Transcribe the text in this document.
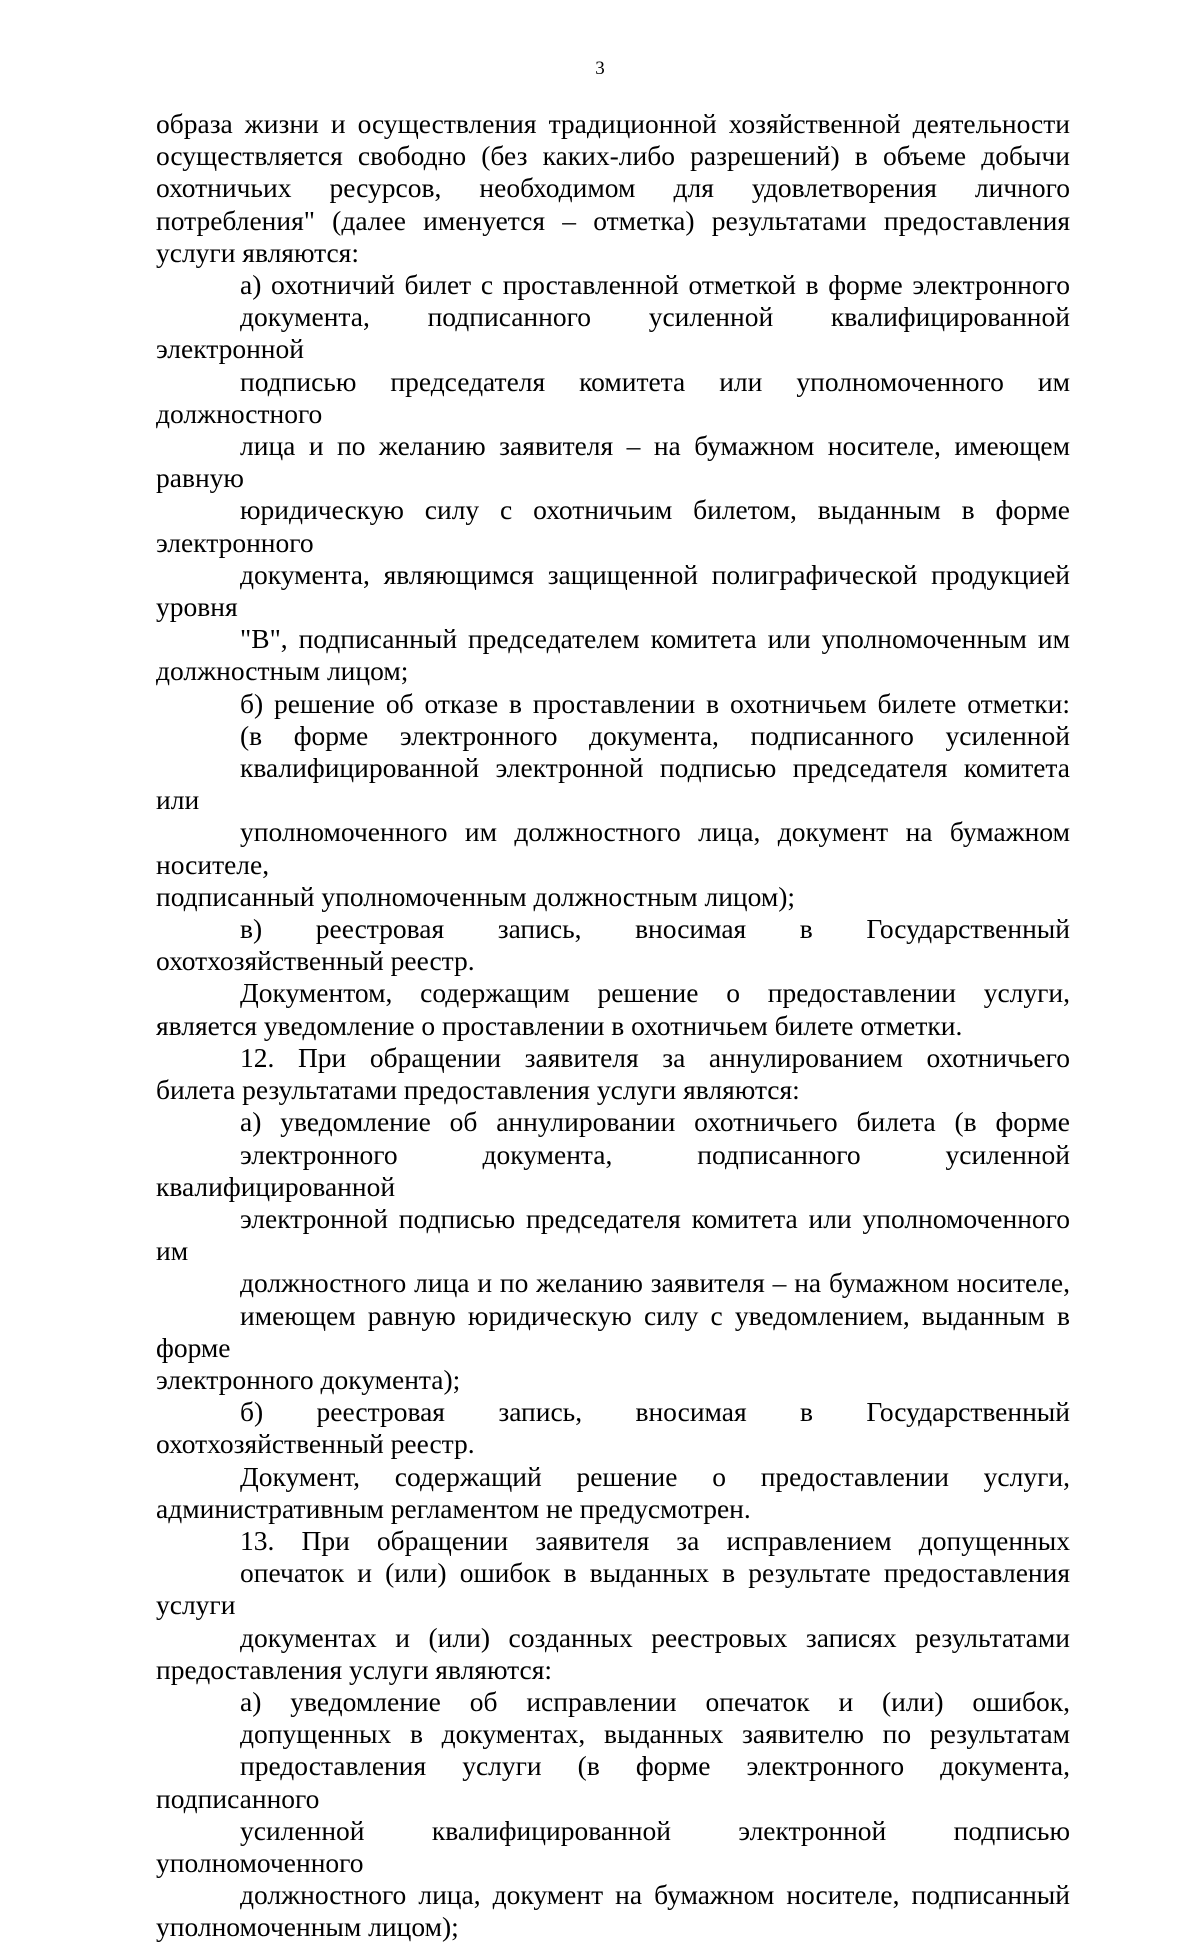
3

образа жизни и осуществления традиционной хозяйственной деятельности
осуществляется свободно (без каких-либо разрешений) в объеме добычи
охотничьих ресурсов, необходимом для удовлетворения личного
потребления" (далее именуется – отметка) результатами предоставления
услуги являются:

а) охотничий билет с проставленной отметкой в форме электронного
документа, подписанного усиленной квалифицированной электронной
подписью председателя комитета или уполномоченного им должностного
лица и по желанию заявителя – на бумажном носителе, имеющем равную
юридическую силу с охотничьим билетом, выданным в форме электронного
документа, являющимся защищенной полиграфической продукцией уровня
"В", подписанный председателем комитета или уполномоченным им
должностным лицом;

б) решение об отказе в проставлении в охотничьем билете отметки:
(в форме электронного документа, подписанного усиленной
квалифицированной электронной подписью председателя комитета или
уполномоченного им должностного лица, документ на бумажном носителе,
подписанный уполномоченным должностным лицом);

в) реестровая запись, вносимая в Государственный
охотхозяйственный реестр.

Документом, содержащим решение о предоставлении услуги,
является уведомление о проставлении в охотничьем билете отметки.

12. При обращении заявителя за аннулированием охотничьего
билета результатами предоставления услуги являются:

а) уведомление об аннулировании охотничьего билета (в форме
электронного документа, подписанного усиленной квалифицированной
электронной подписью председателя комитета или уполномоченного им
должностного лица и по желанию заявителя – на бумажном носителе,
имеющем равную юридическую силу с уведомлением, выданным в форме
электронного документа);

б) реестровая запись, вносимая в Государственный
охотхозяйственный реестр.

Документ, содержащий решение о предоставлении услуги,
административным регламентом не предусмотрен.

13. При обращении заявителя за исправлением допущенных
опечаток и (или) ошибок в выданных в результате предоставления услуги
документах и (или) созданных реестровых записях результатами
предоставления услуги являются:

а) уведомление об исправлении опечаток и (или) ошибок,
допущенных в документах, выданных заявителю по результатам
предоставления услуги (в форме электронного документа, подписанного
усиленной квалифицированной электронной подписью уполномоченного
должностного лица, документ на бумажном носителе, подписанный
уполномоченным лицом);
